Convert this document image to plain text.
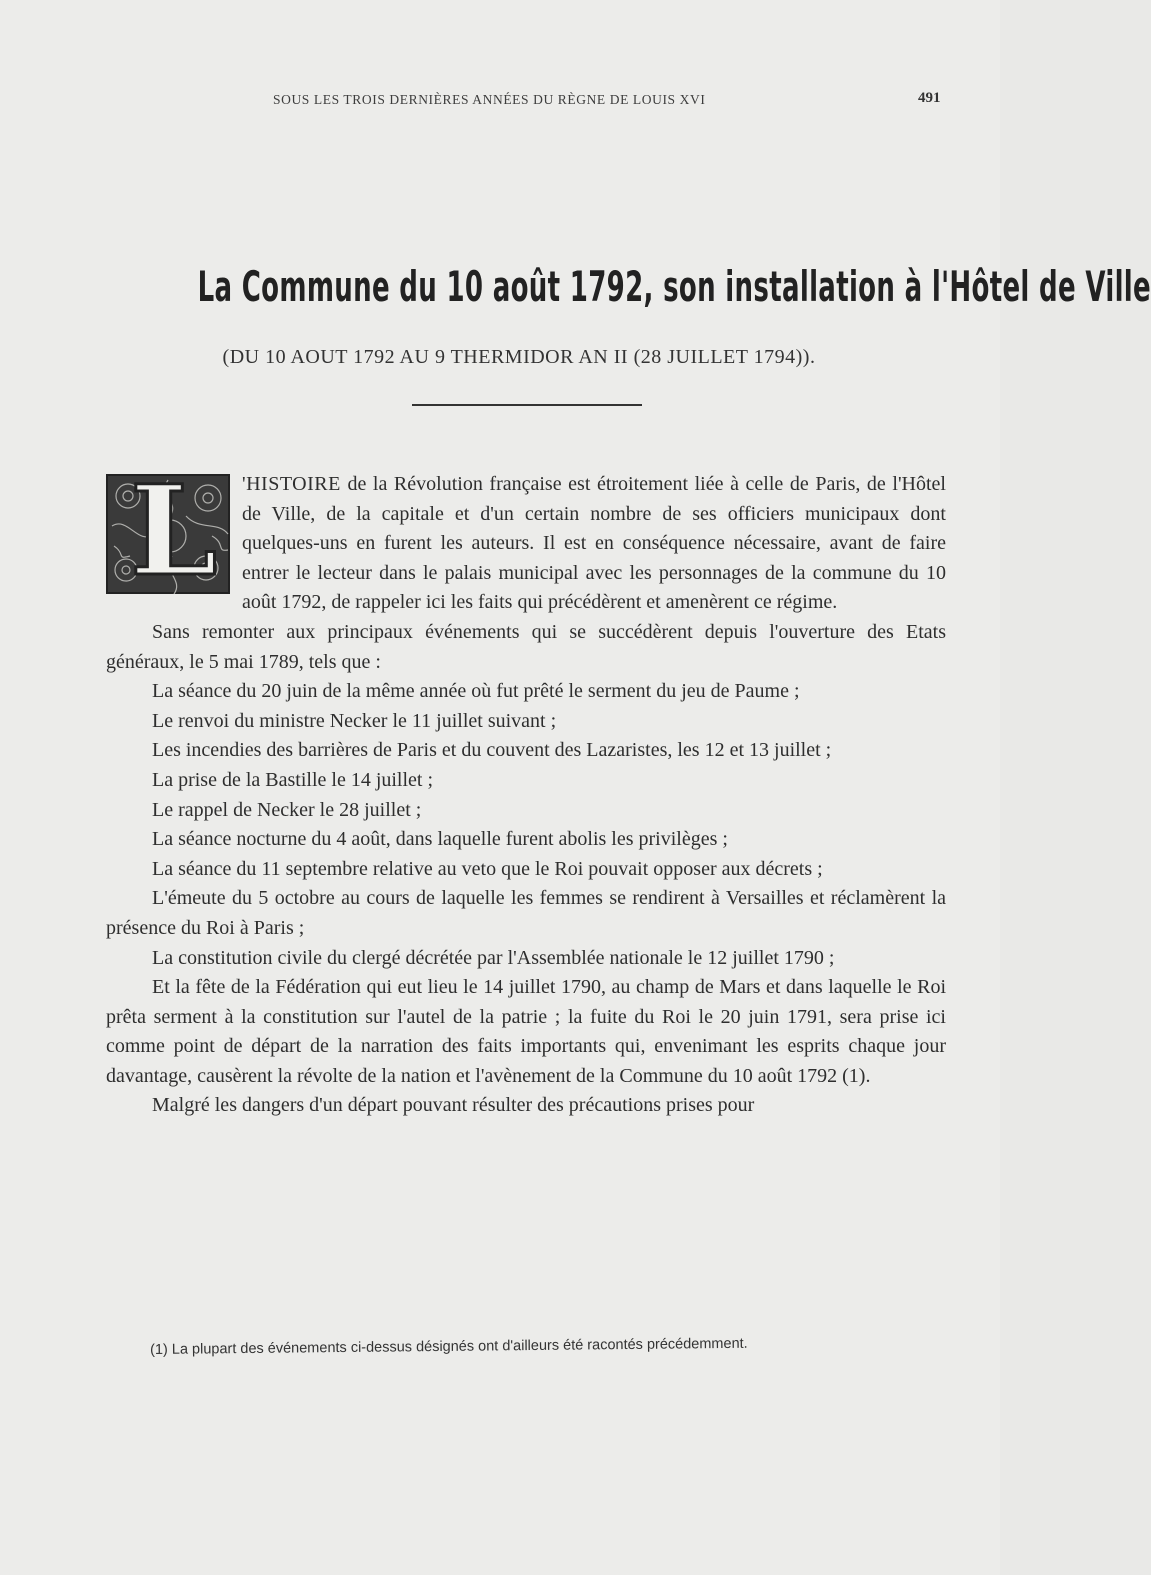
SOUS LES TROIS DERNIÈRES ANNÉES DU RÈGNE DE LOUIS XVI	491
La Commune du 10 août 1792, son installation à l'Hôtel de Ville
(DU 10 AOUT 1792 AU 9 THERMIDOR AN II (28 JUILLET 1794)).
L	'HISTOIRE de la Révolution française est étroitement liée à celle de Paris, de l'Hôtel de Ville, de la capitale et d'un certain nombre de ses officiers municipaux dont quelques-uns en furent les auteurs. Il est en conséquence nécessaire, avant de faire entrer le lecteur dans le palais municipal avec les personnages de la commune du 10 août 1792, de rappeler ici les faits qui précédèrent et amenèrent ce régime.

Sans remonter aux principaux événements qui se succédèrent depuis l'ouverture des Etats généraux, le 5 mai 1789, tels que :

La séance du 20 juin de la même année où fut prêté le serment du jeu de Paume ;

Le renvoi du ministre Necker le 11 juillet suivant ;

Les incendies des barrières de Paris et du couvent des Lazaristes, les 12 et 13 juillet ;

La prise de la Bastille le 14 juillet ;

Le rappel de Necker le 28 juillet ;

La séance nocturne du 4 août, dans laquelle furent abolis les privilèges ;

La séance du 11 septembre relative au veto que le Roi pouvait opposer aux décrets ;

L'émeute du 5 octobre au cours de laquelle les femmes se rendirent à Versailles et réclamèrent la présence du Roi à Paris ;

La constitution civile du clergé décrétée par l'Assemblée nationale le 12 juillet 1790 ;

Et la fête de la Fédération qui eut lieu le 14 juillet 1790, au champ de Mars et dans laquelle le Roi prêta serment à la constitution sur l'autel de la patrie ; la fuite du Roi le 20 juin 1791, sera prise ici comme point de départ de la narration des faits importants qui, envenimant les esprits chaque jour davantage, causèrent la révolte de la nation et l'avènement de la Commune du 10 août 1792 (1).

Malgré les dangers d'un départ pouvant résulter des précautions prises pour

(1) La plupart des événements ci-dessus désignés ont d'ailleurs été racontés précédemment.
